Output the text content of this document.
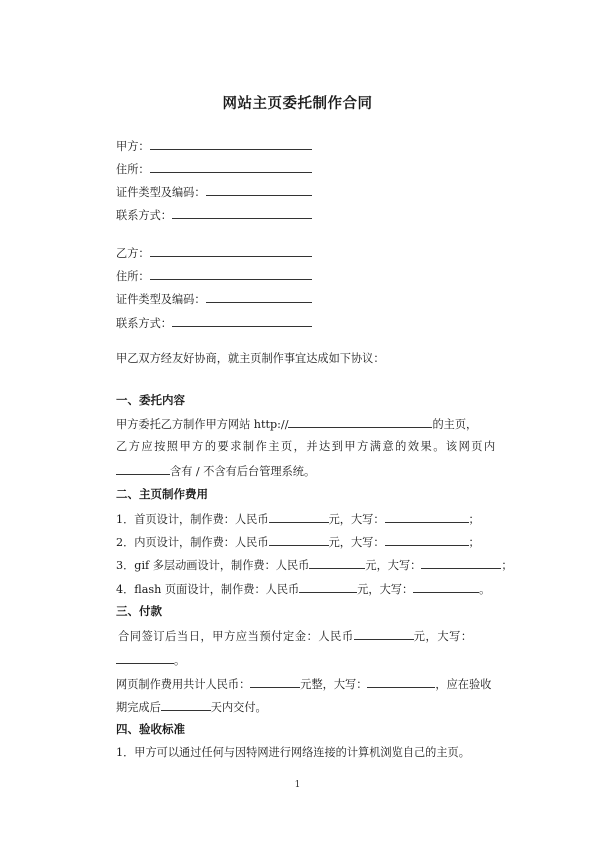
网站主页委托制作合同
甲方：
住所：
证件类型及编码：
联系方式：
乙方：
住所：
证件类型及编码：
联系方式：
甲乙双方经友好协商，就主页制作事宜达成如下协议：
一、委托内容
甲方委托乙方制作甲方网站 http://	的主页，
乙方应按照甲方的要求制作主页，并达到甲方满意的效果。该网页内
含有 / 不含有后台管理系统。
二、主页制作费用
1．首页设计，制作费：人民币	元，大写：	；
2．内页设计，制作费：人民币	元，大写：	；
3．gif 多层动画设计，制作费：人民币	元，大写：	；
4．flash 页面设计，制作费：人民币	元，大写：	。
三、付款
合同签订后当日，甲方应当预付定金：人民币	元，大写：
。
网页制作费用共计人民币：	元整，大写：	，应在验收
期完成后	天内交付。
四、验收标准
1．甲方可以通过任何与因特网进行网络连接的计算机浏览自己的主页。
1
